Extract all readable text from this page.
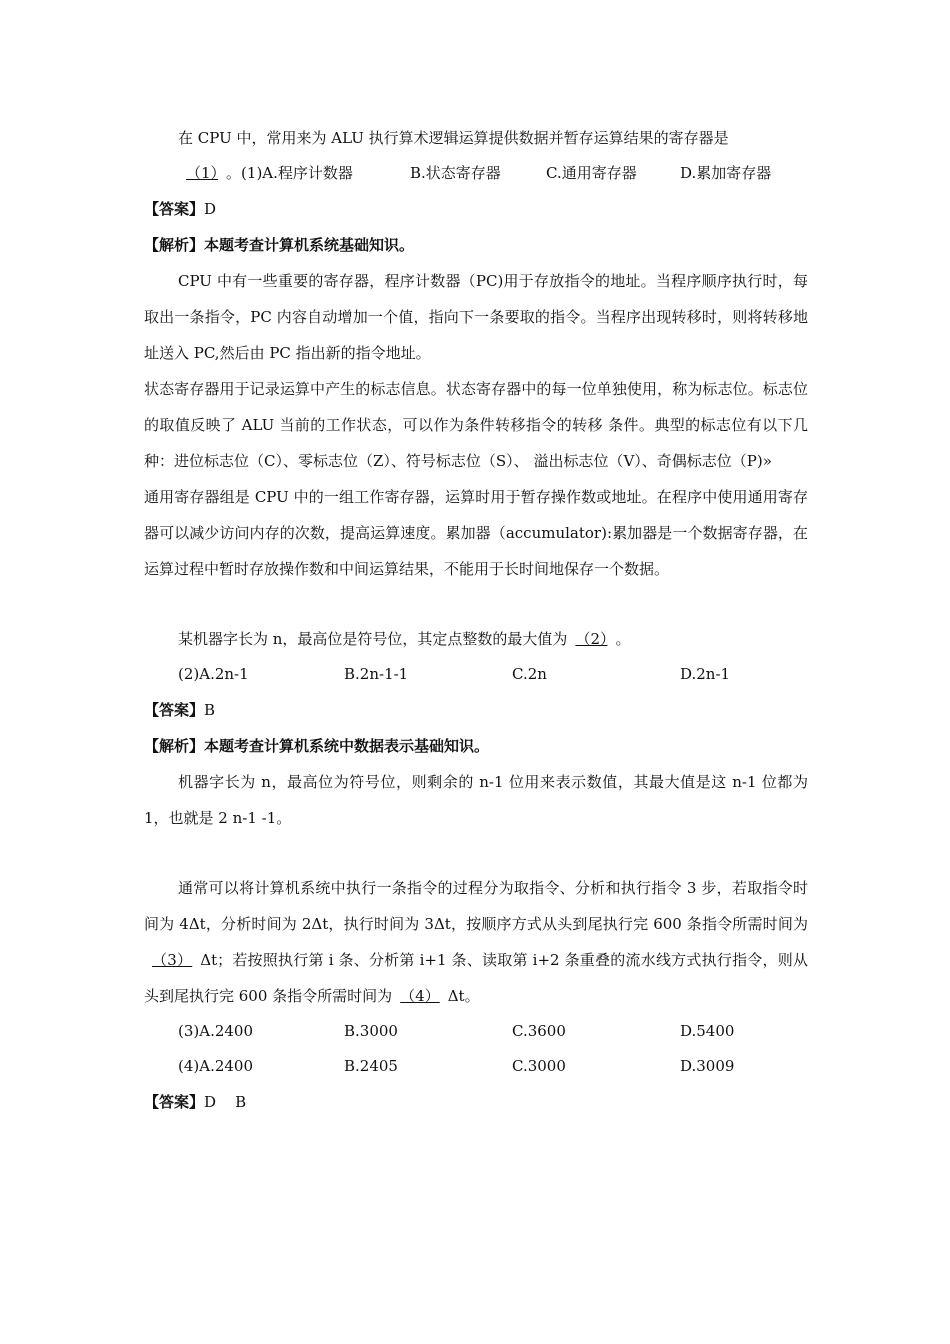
在 CPU 中，常用来为 ALU 执行算术逻辑运算提供数据并暂存运算结果的寄存器是

（1） 。(1)A.程序计数器	B.状态寄存器	C.通用寄存器	D.累加寄存器

【答案】D

【解析】本题考查计算机系统基础知识。

CPU 中有一些重要的寄存器，程序计数器（PC)用于存放指令的地址。当程序顺序执行时，每取出一条指令，PC 内容自动增加一个值，指向下一条要取的指令。当程序出现转移时，则将转移地址送入 PC,然后由 PC 指出新的指令地址。

状态寄存器用于记录运算中产生的标志信息。状态寄存器中的每一位单独使用，称为标志位。标志位的取值反映了 ALU 当前的工作状态，可以作为条件转移指令的转移 条件。典型的标志位有以下几种：进位标志位（C）、零标志位（Z）、符号标志位（S）、 溢出标志位（V）、奇偶标志位（P)»

通用寄存器组是 CPU 中的一组工作寄存器，运算时用于暂存操作数或地址。在程序中使用通用寄存器可以减少访问内存的次数，提高运算速度。累加器（accumulator):累加器是一个数据寄存器，在运算过程中暂时存放操作数和中间运算结果，不能用于长时间地保存一个数据。

某机器字长为 n，最高位是符号位，其定点整数的最大值为 （2） 。

(2)A.2n-1	B.2n-1-1	C.2n	D.2n-1

【答案】B

【解析】本题考查计算机系统中数据表示基础知识。

机器字长为 n，最高位为符号位，则剩余的 n-1 位用来表示数值，其最大值是这 n-1 位都为 1，也就是 2 n-1 -1。

通常可以将计算机系统中执行一条指令的过程分为取指令、分析和执行指令 3 步，若取指令时间为 4Δt，分析时间为 2Δt，执行时间为 3Δt，按顺序方式从头到尾执行完 600 条指令所需时间为（3） Δt；若按照执行第 i 条、分析第 i+1 条、读取第 i+2 条重叠的流水线方式执行指令，则从头到尾执行完 600 条指令所需时间为 （4） Δt。

(3)A.2400	B.3000	C.3600	D.5400

(4)A.2400	B.2405	C.3000	D.3009

【答案】D    B
